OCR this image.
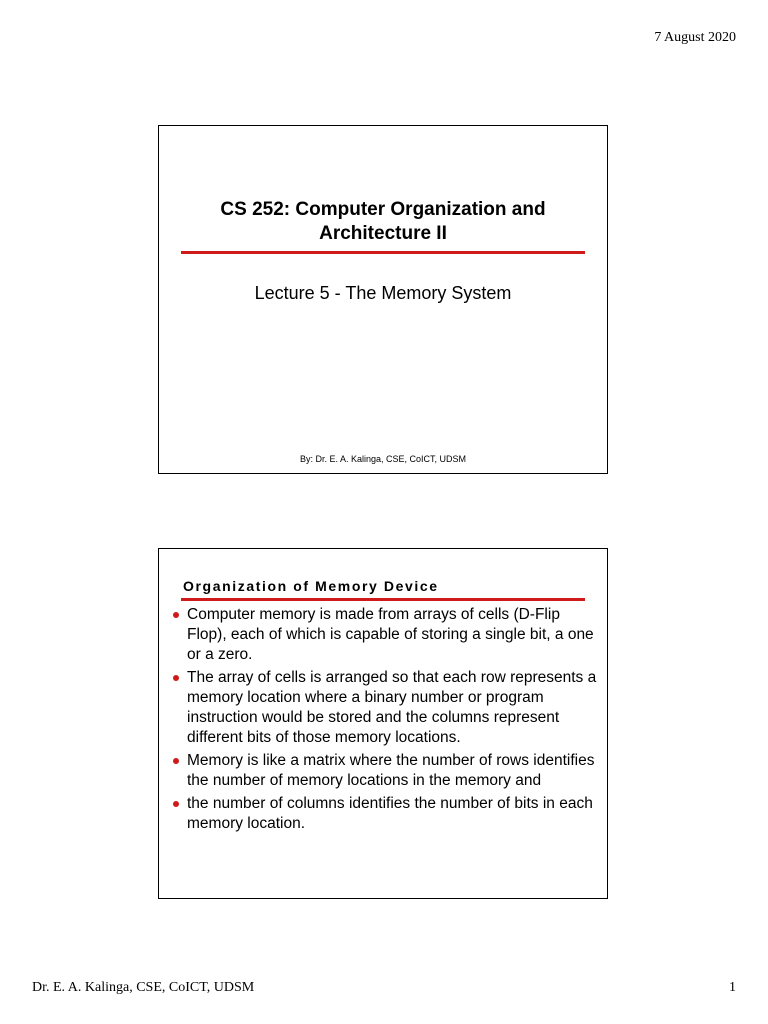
7 August 2020
CS 252: Computer Organization and
Architecture II
Lecture 5 - The Memory System
By: Dr. E. A. Kalinga, CSE, CoICT, UDSM
Organization of Memory Device
Computer memory is made from arrays of cells (D-Flip Flop), each of which is capable of storing a single bit, a one or a zero.
The array of cells is arranged so that each row represents a memory location where a binary number or program instruction would be stored and the columns represent different bits of those memory locations.
Memory is like a matrix where the number of rows identifies the number of memory locations in the memory and
the number of columns identifies the number of bits in each memory location.
Dr. E. A. Kalinga, CSE, CoICT, UDSM	1
